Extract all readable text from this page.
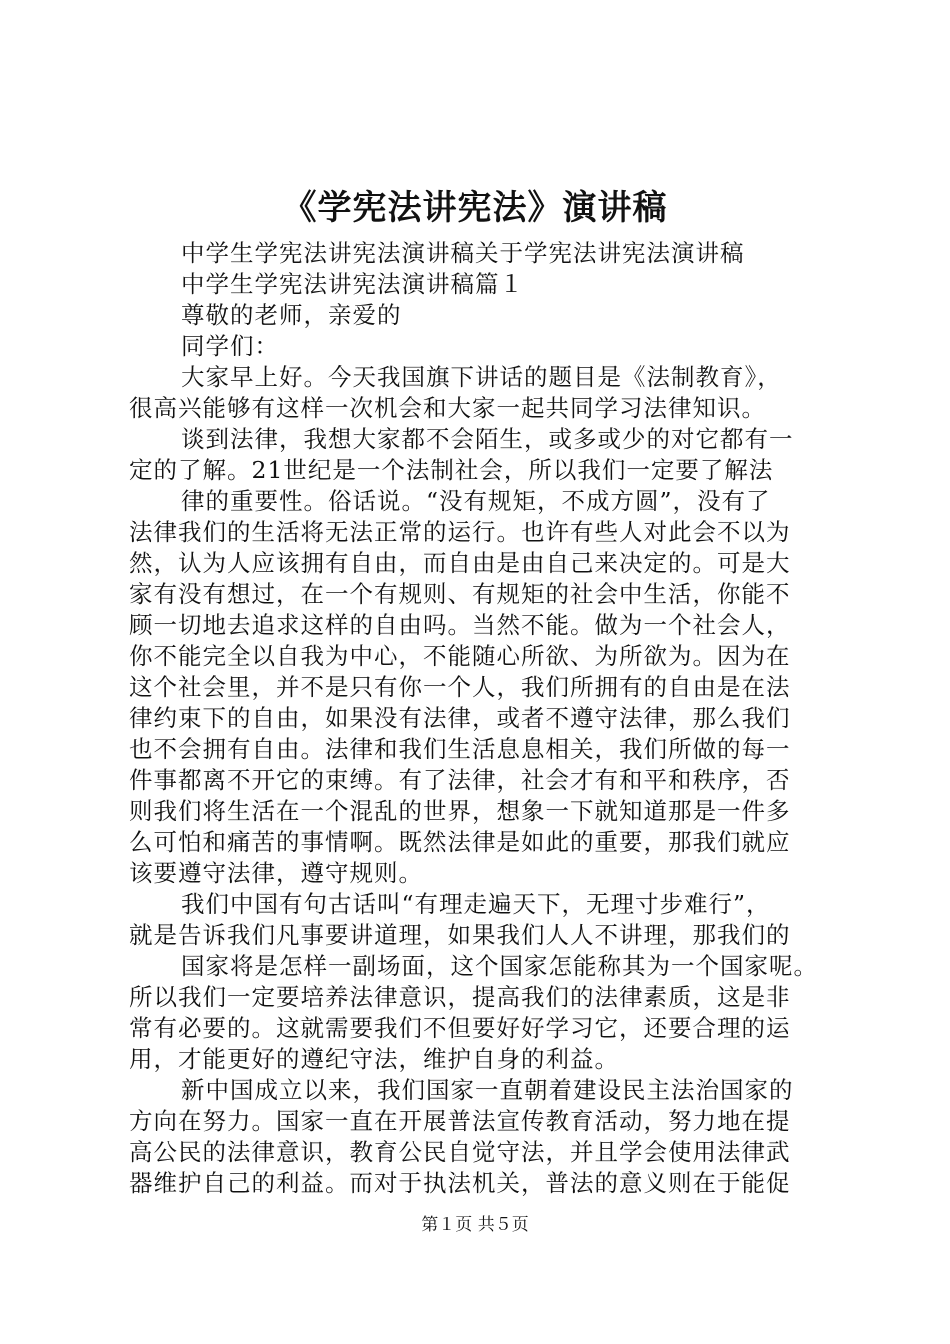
《学宪法讲宪法》演讲稿
中学生学宪法讲宪法演讲稿关于学宪法讲宪法演讲稿
中学生学宪法讲宪法演讲稿篇１
尊敬的老师，亲爱的
同学们：
大家早上好。今天我国旗下讲话的题目是《法制教育》，
很高兴能够有这样一次机会和大家一起共同学习法律知识。
谈到法律，我想大家都不会陌生，或多或少的对它都有一
定的了解。21世纪是一个法制社会，所以我们一定要了解法
律的重要性。俗话说。“没有规矩，不成方圆”，没有了
法律我们的生活将无法正常的运行。也许有些人对此会不以为
然，认为人应该拥有自由，而自由是由自己来决定的。可是大
家有没有想过，在一个有规则、有规矩的社会中生活，你能不
顾一切地去追求这样的自由吗。当然不能。做为一个社会人，
你不能完全以自我为中心，不能随心所欲、为所欲为。因为在
这个社会里，并不是只有你一个人，我们所拥有的自由是在法
律约束下的自由，如果没有法律，或者不遵守法律，那么我们
也不会拥有自由。法律和我们生活息息相关，我们所做的每一
件事都离不开它的束缚。有了法律，社会才有和平和秩序，否
则我们将生活在一个混乱的世界，想象一下就知道那是一件多
么可怕和痛苦的事情啊。既然法律是如此的重要，那我们就应
该要遵守法律，遵守规则。
我们中国有句古话叫“有理走遍天下，无理寸步难行”，
就是告诉我们凡事要讲道理，如果我们人人不讲理，那我们的
国家将是怎样一副场面，这个国家怎能称其为一个国家呢。
所以我们一定要培养法律意识，提高我们的法律素质，这是非
常有必要的。这就需要我们不但要好好学习它，还要合理的运
用，才能更好的遵纪守法，维护自身的利益。
新中国成立以来，我们国家一直朝着建设民主法治国家的
方向在努力。国家一直在开展普法宣传教育活动，努力地在提
高公民的法律意识，教育公民自觉守法，并且学会使用法律武
器维护自己的利益。而对于执法机关，普法的意义则在于能促
第１页 共５页
